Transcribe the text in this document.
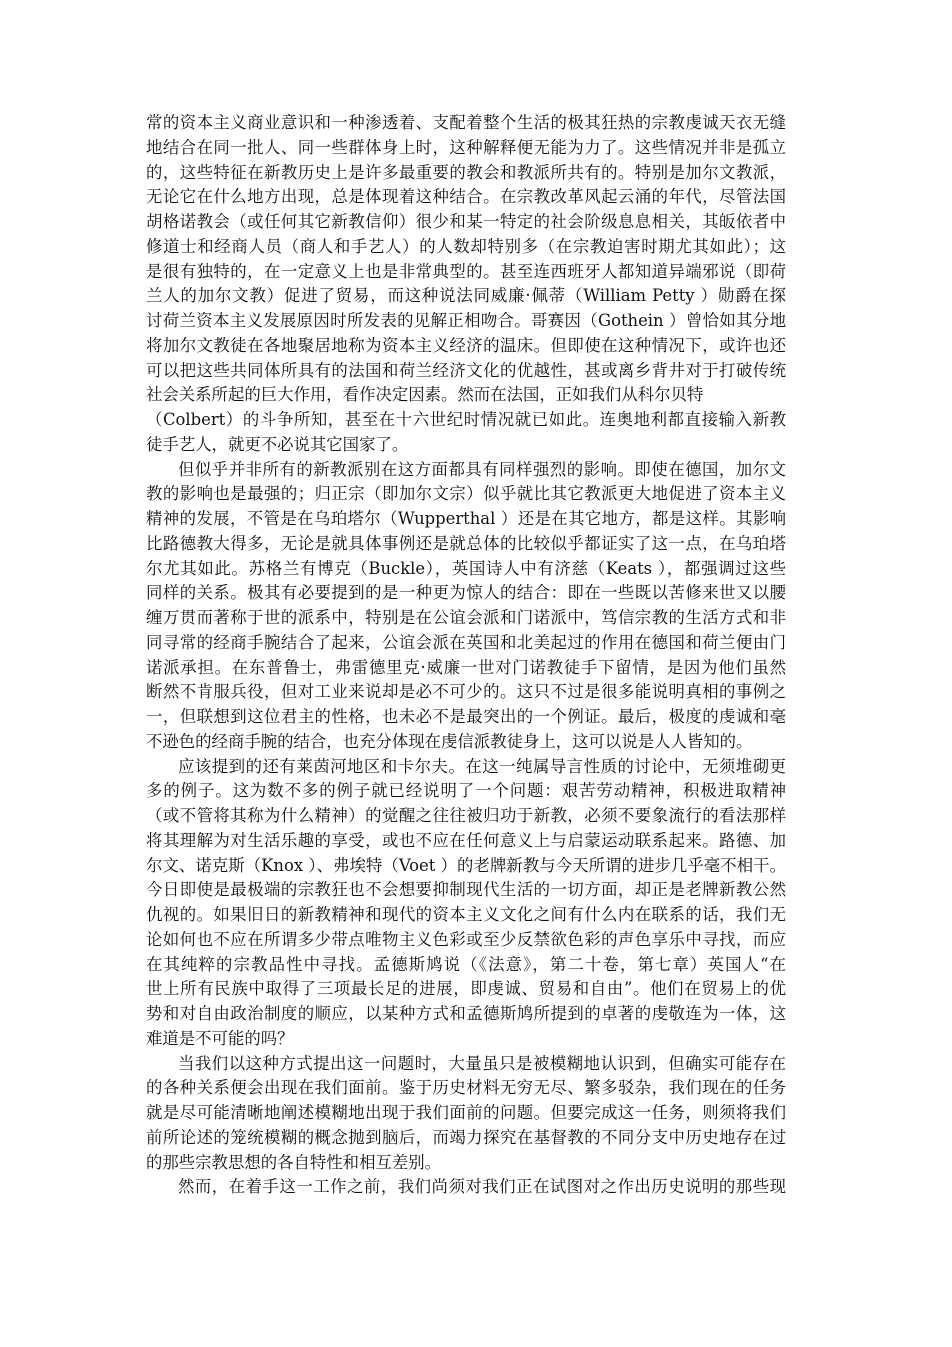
常的资本主义商业意识和一种渗透着、支配着整个生活的极其狂热的宗教虔诚天衣无缝
地结合在同一批人、同一些群体身上时，这种解释便无能为力了。这些情况并非是孤立
的，这些特征在新教历史上是许多最重要的教会和教派所共有的。特别是加尔文教派，
无论它在什么地方出现，总是体现着这种结合。在宗教改革风起云涌的年代，尽管法国
胡格诺教会（或任何其它新教信仰）很少和某一特定的社会阶级息息相关，其皈依者中
修道士和经商人员（商人和手艺人）的人数却特别多（在宗教迫害时期尤其如此）；这
是很有独特的，在一定意义上也是非常典型的。甚至连西班牙人都知道异端邪说（即荷
兰人的加尔文教）促进了贸易，而这种说法同威廉·佩蒂（William Petty ）勋爵在探
讨荷兰资本主义发展原因时所发表的见解正相吻合。哥赛因（Gothein ）曾恰如其分地
将加尔文教徒在各地聚居地称为资本主义经济的温床。但即使在这种情况下，或许也还
可以把这些共同体所具有的法国和荷兰经济文化的优越性，甚或离乡背井对于打破传统
社会关系所起的巨大作用，看作决定因素。然而在法国，正如我们从科尔贝特
（Colbert）的斗争所知，甚至在十六世纪时情况就已如此。连奥地利都直接输入新教
徒手艺人，就更不必说其它国家了。
但似乎并非所有的新教派别在这方面都具有同样强烈的影响。即使在德国，加尔文
教的影响也是最强的；归正宗（即加尔文宗）似乎就比其它教派更大地促进了资本主义
精神的发展，不管是在乌珀塔尔（Wupperthal ）还是在其它地方，都是这样。其影响
比路德教大得多，无论是就具体事例还是就总体的比较似乎都证实了这一点，在乌珀塔
尔尤其如此。苏格兰有博克（Buckle），英国诗人中有济慈（Keats ），都强调过这些
同样的关系。极其有必要提到的是一种更为惊人的结合：即在一些既以苦修来世又以腰
缠万贯而著称于世的派系中，特别是在公谊会派和门诺派中，笃信宗教的生活方式和非
同寻常的经商手腕结合了起来，公谊会派在英国和北美起过的作用在德国和荷兰便由门
诺派承担。在东普鲁士，弗雷德里克·威廉一世对门诺教徒手下留情，是因为他们虽然
断然不肯服兵役，但对工业来说却是必不可少的。这只不过是很多能说明真相的事例之
一，但联想到这位君主的性格，也未必不是最突出的一个例证。最后，极度的虔诚和毫
不逊色的经商手腕的结合，也充分体现在虔信派教徒身上，这可以说是人人皆知的。
应该提到的还有莱茵河地区和卡尔夫。在这一纯属导言性质的讨论中，无须堆砌更
多的例子。这为数不多的例子就已经说明了一个问题：艰苦劳动精神，积极进取精神
（或不管将其称为什么精神）的觉醒之往往被归功于新教，必须不要象流行的看法那样
将其理解为对生活乐趣的享受，或也不应在任何意义上与启蒙运动联系起来。路德、加
尔文、诺克斯（Knox ）、弗埃特（Voet ）的老牌新教与今天所谓的进步几乎毫不相干。
今日即使是最极端的宗教狂也不会想要抑制现代生活的一切方面，却正是老牌新教公然
仇视的。如果旧日的新教精神和现代的资本主义文化之间有什么内在联系的话，我们无
论如何也不应在所谓多少带点唯物主义色彩或至少反禁欲色彩的声色享乐中寻找，而应
在其纯粹的宗教品性中寻找。孟德斯鸠说（《法意》，第二十卷，第七章）英国人“在
世上所有民族中取得了三项最长足的进展，即虔诚、贸易和自由”。他们在贸易上的优
势和对自由政治制度的顺应，以某种方式和孟德斯鸠所提到的卓著的虔敬连为一体，这
难道是不可能的吗？
当我们以这种方式提出这一问题时，大量虽只是被模糊地认识到，但确实可能存在
的各种关系便会出现在我们面前。鉴于历史材料无穷无尽、繁多驳杂，我们现在的任务
就是尽可能清晰地阐述模糊地出现于我们面前的问题。但要完成这一任务，则须将我们
前所论述的笼统模糊的概念抛到脑后，而竭力探究在基督教的不同分支中历史地存在过
的那些宗教思想的各自特性和相互差别。
然而，在着手这一工作之前，我们尚须对我们正在试图对之作出历史说明的那些现
